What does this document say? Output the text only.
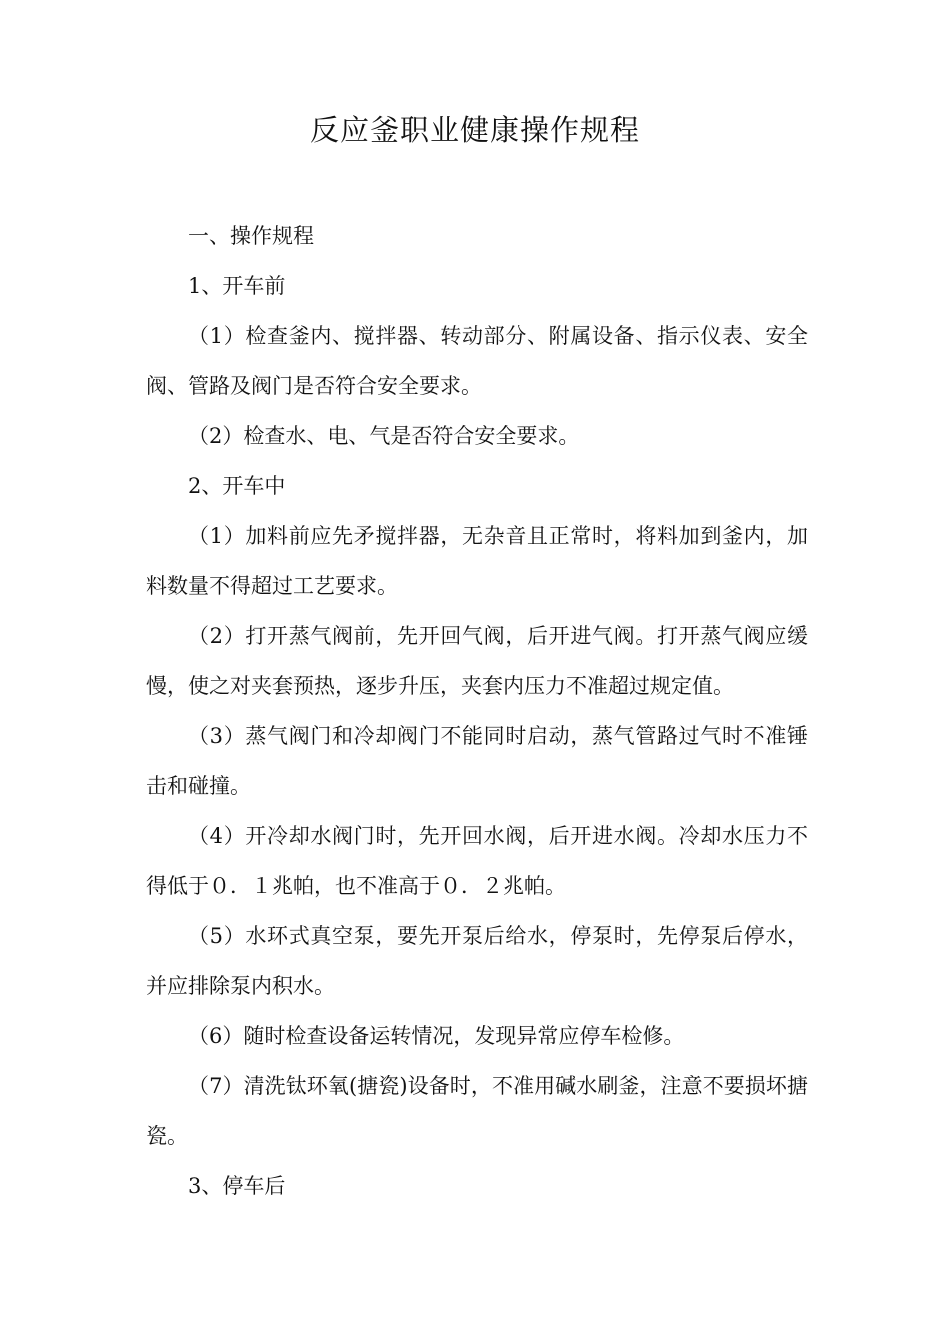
反应釜职业健康操作规程

一、操作规程

1、开车前

（1）检查釜内、搅拌器、转动部分、附属设备、指示仪表、安全阀、管路及阀门是否符合安全要求。

（2）检查水、电、气是否符合安全要求。

2、开车中

（1）加料前应先矛搅拌器，无杂音且正常时，将料加到釜内，加料数量不得超过工艺要求。

（2）打开蒸气阀前，先开回气阀，后开进气阀。打开蒸气阀应缓慢，使之对夹套预热，逐步升压，夹套内压力不准超过规定值。

（3）蒸气阀门和冷却阀门不能同时启动，蒸气管路过气时不准锤击和碰撞。

（4）开冷却水阀门时，先开回水阀，后开进水阀。冷却水压力不得低于０．１兆帕，也不准高于０．２兆帕。

（5）水环式真空泵，要先开泵后给水，停泵时，先停泵后停水，并应排除泵内积水。

（6）随时检查设备运转情况，发现异常应停车检修。

（7）清洗钛环氧(搪瓷)设备时，不准用碱水刷釜，注意不要损坏搪瓷。

3、停车后
